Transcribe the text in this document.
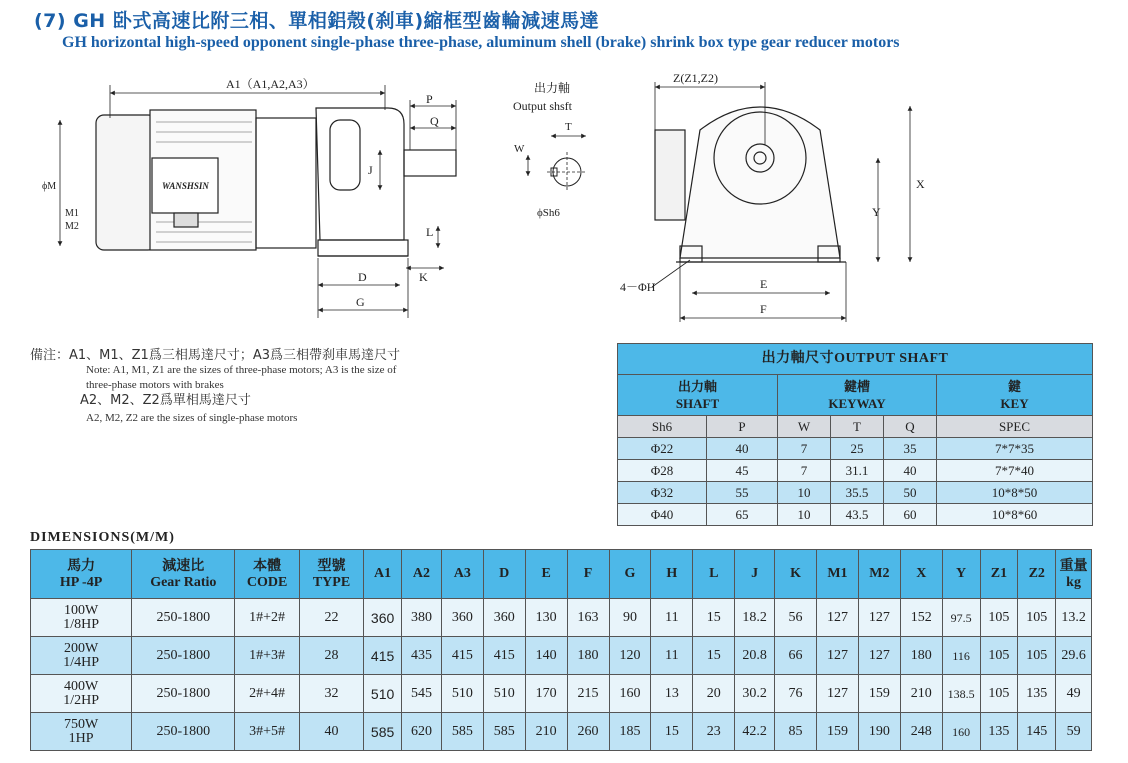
(7) GH 卧式高速比附三相、單相鋁殼(刹車)縮框型齒輪減速馬達
GH horizontal high-speed opponent single-phase three-phase, aluminum shell (brake) shrink box type gear reducer motors
WANSHSIN
A1（A1,A2,A3）
P
Q
J
L
K
D
G
ϕM
M1
M2
出力軸
Output shsft
T
W
ϕSh6
Z(Z1,Z2)
X
Y
E
F
4－ΦH
備注：A1、M1、Z1爲三相馬達尺寸；A3爲三相帶刹車馬達尺寸
Note: A1, M1, Z1 are the sizes of three-phase motors; A3 is the size of
three-phase motors with brakes
A2、M2、Z2爲單相馬達尺寸
A2, M2, Z2 are the sizes of single-phase motors
出力軸尺寸OUTPUT SHAFT					
出力軸
SHAFT		鍵槽
KEYWAY			鍵
KEY
Sh6	P	W	T	Q	SPEC
Φ22	40	7	25	35	7*7*35
Φ28	45	7	31.1	40	7*7*40
Φ32	55	10	35.5	50	10*8*50
Φ40	65	10	43.5	60	10*8*60
DIMENSIONS(M/M)
馬力
HP -4P	減速比
Gear Ratio	本體
CODE	型號
TYPE	A1	A2	A3	D	E	F	G	H	L	J	K	M1	M2	X	Y	Z1	Z2	重量
kg
100W
1/8HP	250-1800	1#+2#	22	360	380	360	360	130	163	90	11	15	18.2	56	127	127	152	97.5	105	105	13.2
200W
1/4HP	250-1800	1#+3#	28	415	435	415	415	140	180	120	11	15	20.8	66	127	127	180	116	105	105	29.6
400W
1/2HP	250-1800	2#+4#	32	510	545	510	510	170	215	160	13	20	30.2	76	127	159	210	138.5	105	135	49
750W
1HP	250-1800	3#+5#	40	585	620	585	585	210	260	185	15	23	42.2	85	159	190	248	160	135	145	59
